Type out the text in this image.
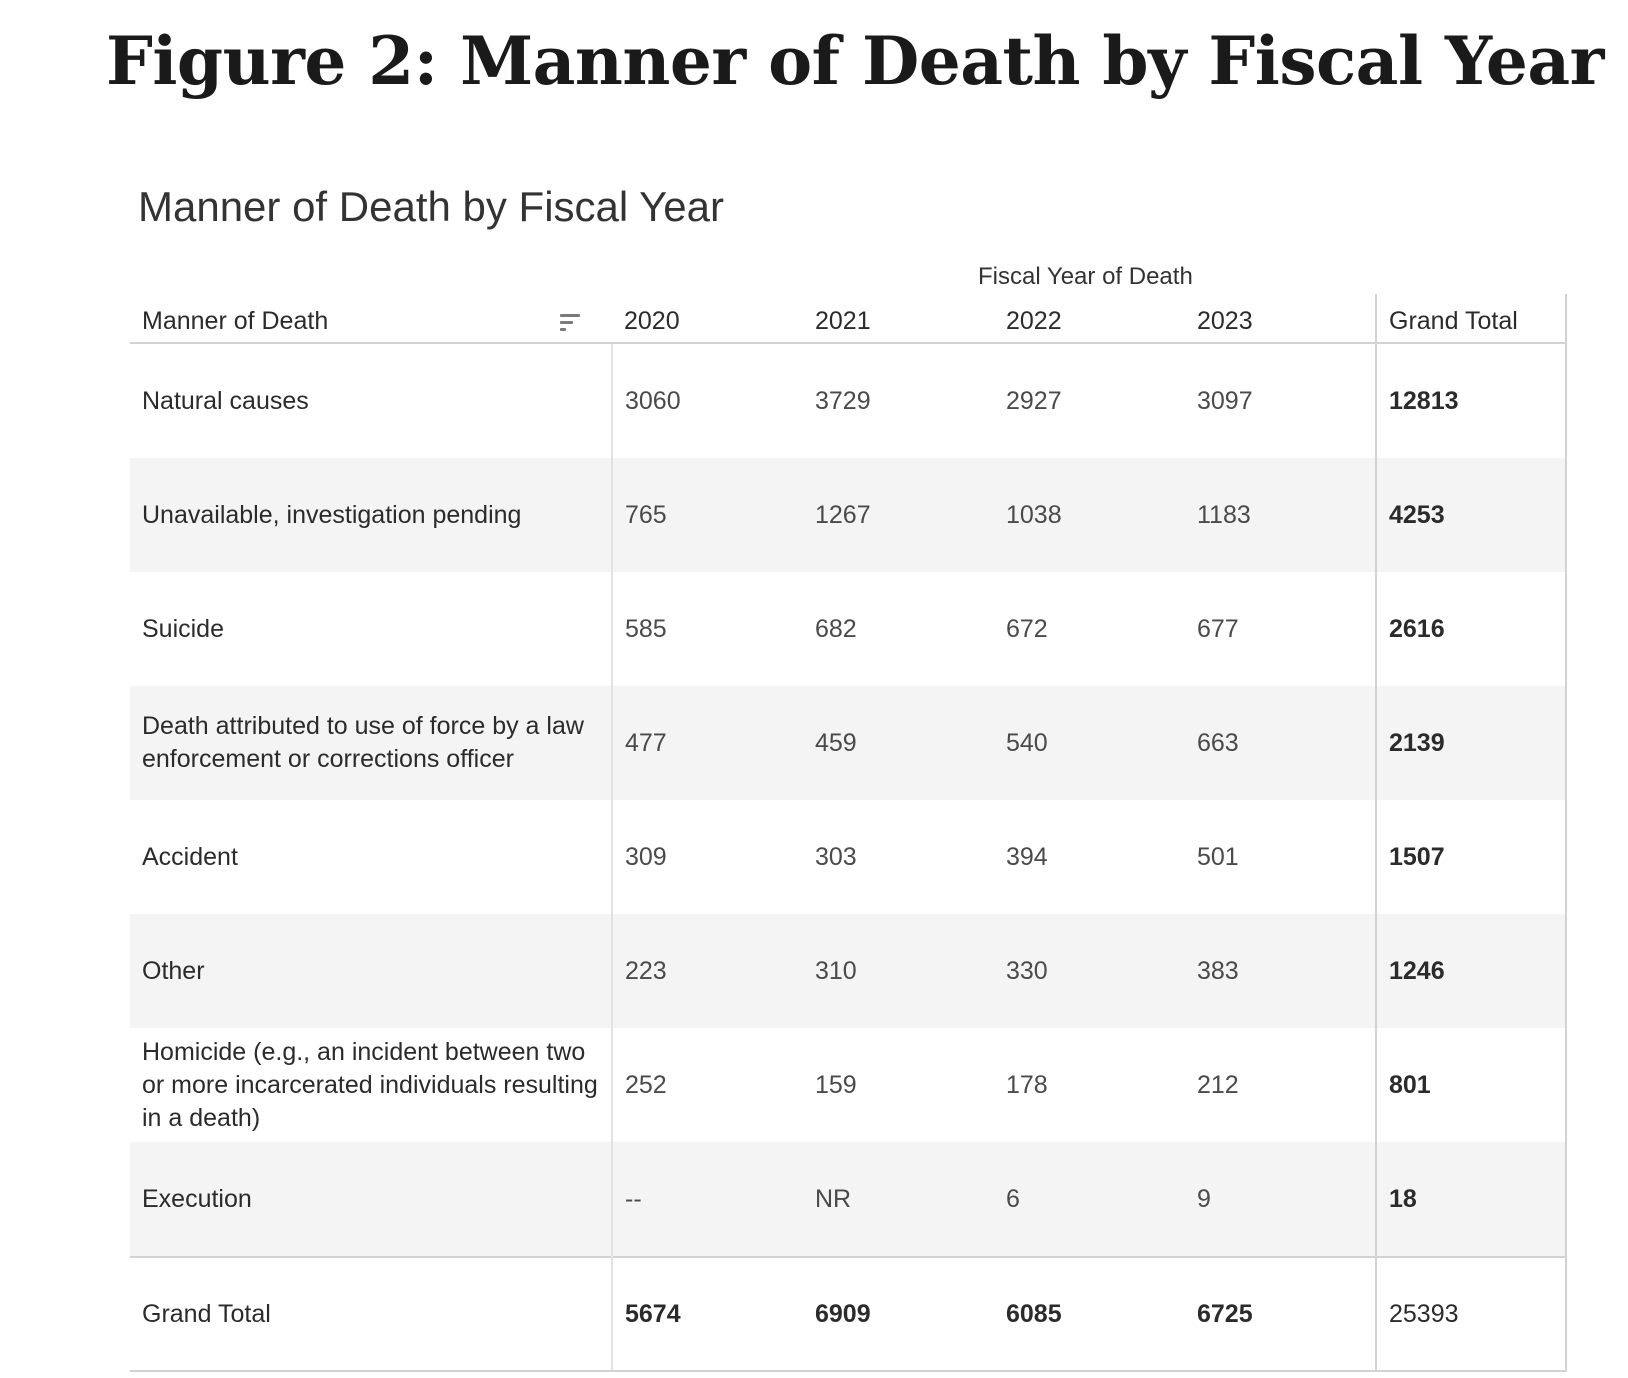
Figure 2: Manner of Death by Fiscal Year
Manner of Death by Fiscal Year
Fiscal Year of Death
Manner of Death	2020	2021	2022	2023	Grand Total
Natural causes	3060	3729	2927	3097	12813
Unavailable, investigation pending	765	1267	1038	1183	4253
Suicide	585	682	672	677	2616
Death attributed to use of force by a law enforcement or corrections officer	477	459	540	663	2139
Accident	309	303	394	501	1507
Other	223	310	330	383	1246
Homicide (e.g., an incident between two or more incarcerated individuals resulting in a death)	252	159	178	212	801
Execution	--	NR	6	9	18
Grand Total	5674	6909	6085	6725	25393
